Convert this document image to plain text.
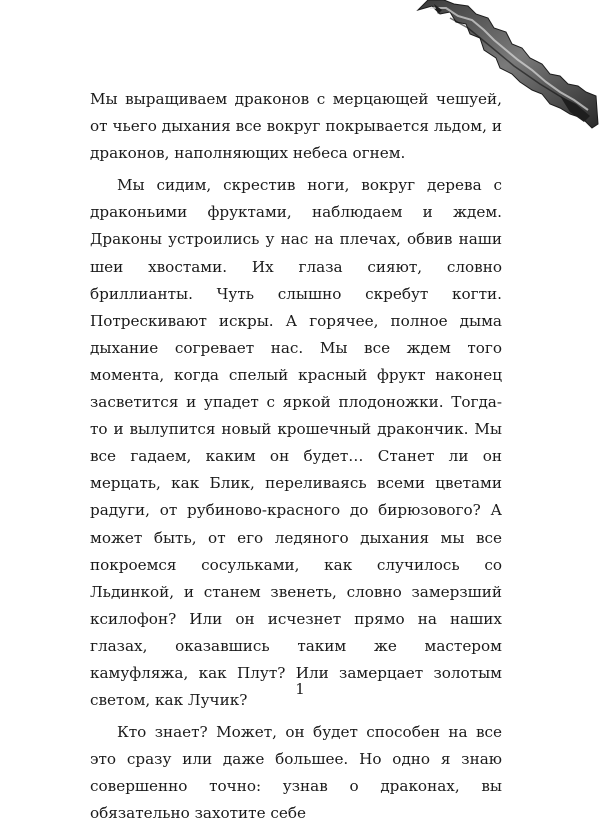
Мы выращиваем драконов с мерцающей чешуей, от чьего дыхания все вокруг покрывается льдом, и драконов, наполняющих небеса огнем.

Мы сидим, скрестив ноги, вокруг дерева с драконьими фруктами, наблюдаем и ждем. Драконы устроились у нас на плечах, обвив наши шеи хвостами. Их глаза сияют, словно бриллианты. Чуть слышно скребут когти. Потрескивают искры. А горячее, полное дыма дыхание согревает нас. Мы все ждем того момента, когда спелый красный фрукт наконец засветится и упадет с яркой плодоножки. Тогда-то и вылупится новый крошечный дракончик. Мы все гадаем, каким он будет… Станет ли он мерцать, как Блик, переливаясь всеми цветами радуги, от рубиново-красного до бирюзового? А может быть, от его ледяного дыхания мы все покроемся сосульками, как случилось со Льдинкой, и станем звенеть, словно замерзший ксилофон? Или он исчезнет прямо на наших глазах, оказавшись таким же мастером камуфляжа, как Плут? Или замерцает золотым светом, как Лучик?

Кто знает? Может, он будет способен на все это сразу или даже большее. Но одно я знаю совершенно точно: узнав о драконах, вы обязательно захотите себе

1
